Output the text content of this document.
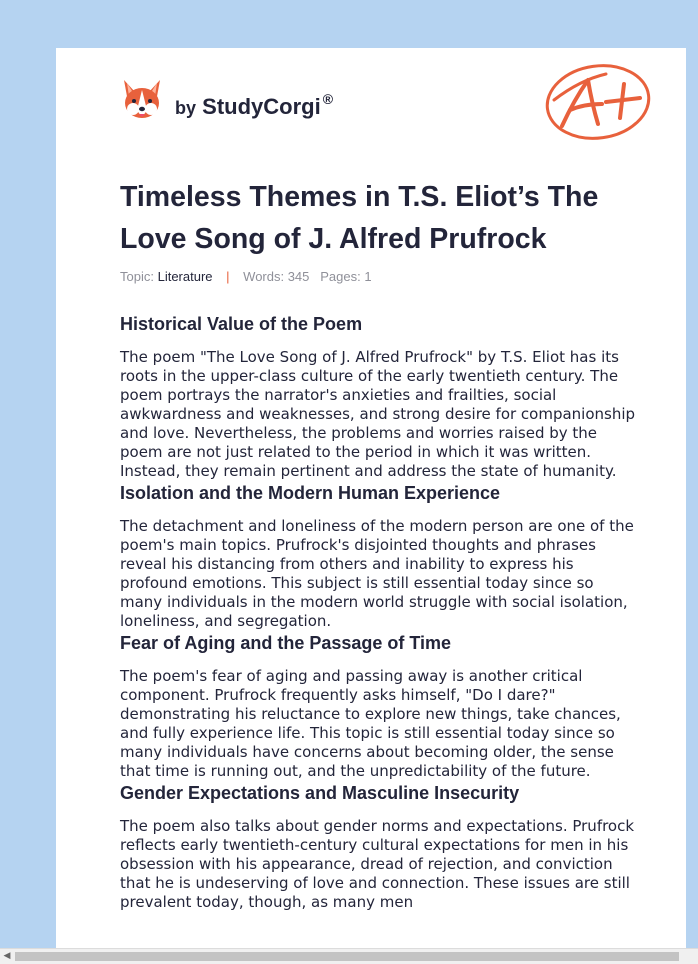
by StudyCorgi ®
Timeless Themes in T.S. Eliot’s The Love Song of J. Alfred Prufrock
Topic: Literature | Words: 345 Pages: 1
Historical Value of the Poem

The poem "The Love Song of J. Alfred Prufrock" by T.S. Eliot has its roots in the upper-class culture of the early twentieth century. The poem portrays the narrator's anxieties and frailties, social awkwardness and weaknesses, and strong desire for companionship and love. Nevertheless, the problems and worries raised by the poem are not just related to the period in which it was written. Instead, they remain pertinent and address the state of humanity.

Isolation and the Modern Human Experience

The detachment and loneliness of the modern person are one of the poem's main topics. Prufrock's disjointed thoughts and phrases reveal his distancing from others and inability to express his profound emotions. This subject is still essential today since so many individuals in the modern world struggle with social isolation, loneliness, and segregation.

Fear of Aging and the Passage of Time

The poem's fear of aging and passing away is another critical component. Prufrock frequently asks himself, "Do I dare?" demonstrating his reluctance to explore new things, take chances, and fully experience life. This topic is still essential today since so many individuals have concerns about becoming older, the sense that time is running out, and the unpredictability of the future.

Gender Expectations and Masculine Insecurity

The poem also talks about gender norms and expectations. Prufrock reflects early twentieth-century cultural expectations for men in his obsession with his appearance, dread of rejection, and conviction that he is undeserving of love and connection. These issues are still prevalent today, though, as many men

◀
